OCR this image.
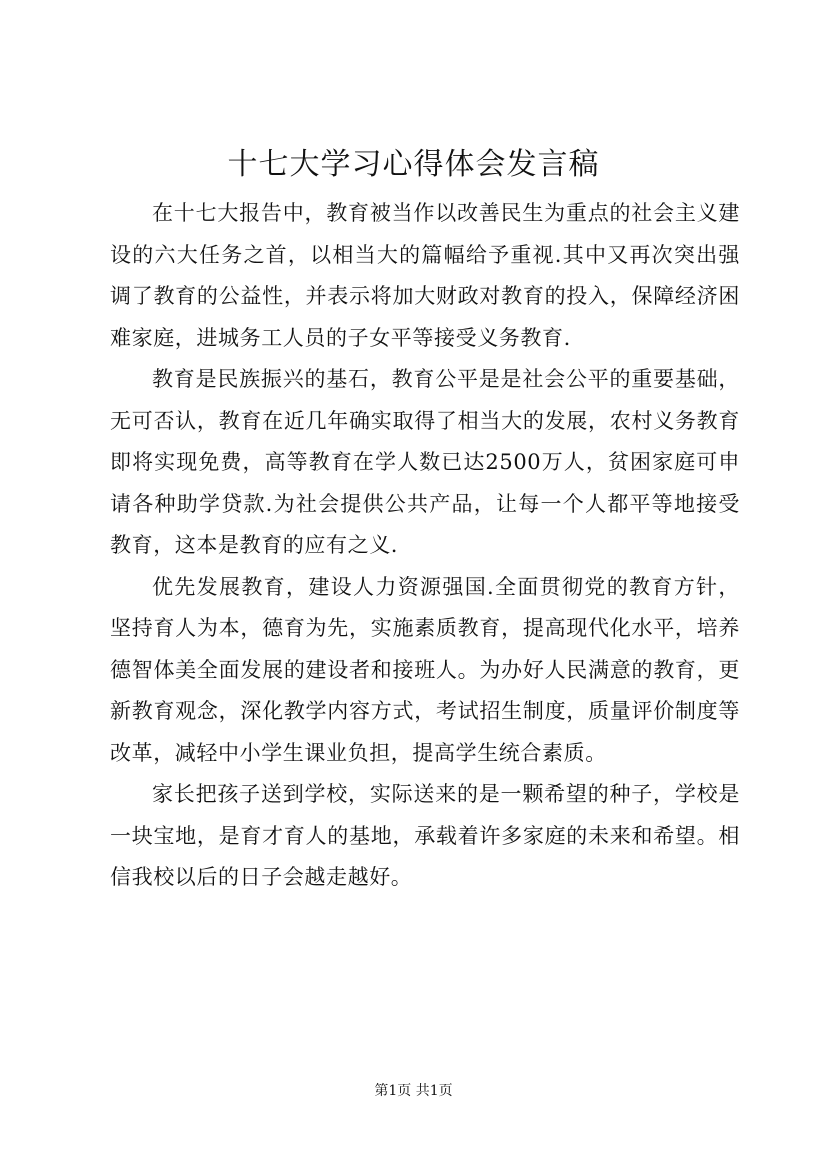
十七大学习心得体会发言稿

在十七大报告中，教育被当作以改善民生为重点的社会主义建设的六大任务之首，以相当大的篇幅给予重视.其中又再次突出强调了教育的公益性，并表示将加大财政对教育的投入，保障经济困难家庭，进城务工人员的子女平等接受义务教育.

教育是民族振兴的基石，教育公平是是社会公平的重要基础，无可否认，教育在近几年确实取得了相当大的发展，农村义务教育即将实现免费，高等教育在学人数已达2500万人，贫困家庭可申请各种助学贷款.为社会提供公共产品，让每一个人都平等地接受教育，这本是教育的应有之义.

优先发展教育，建设人力资源强国.全面贯彻党的教育方针，坚持育人为本，德育为先，实施素质教育，提高现代化水平，培养德智体美全面发展的建设者和接班人。为办好人民满意的教育，更新教育观念，深化教学内容方式，考试招生制度，质量评价制度等改革，减轻中小学生课业负担，提高学生统合素质。

家长把孩子送到学校，实际送来的是一颗希望的种子，学校是一块宝地，是育才育人的基地，承载着许多家庭的未来和希望。相信我校以后的日子会越走越好。

第1页 共1页
